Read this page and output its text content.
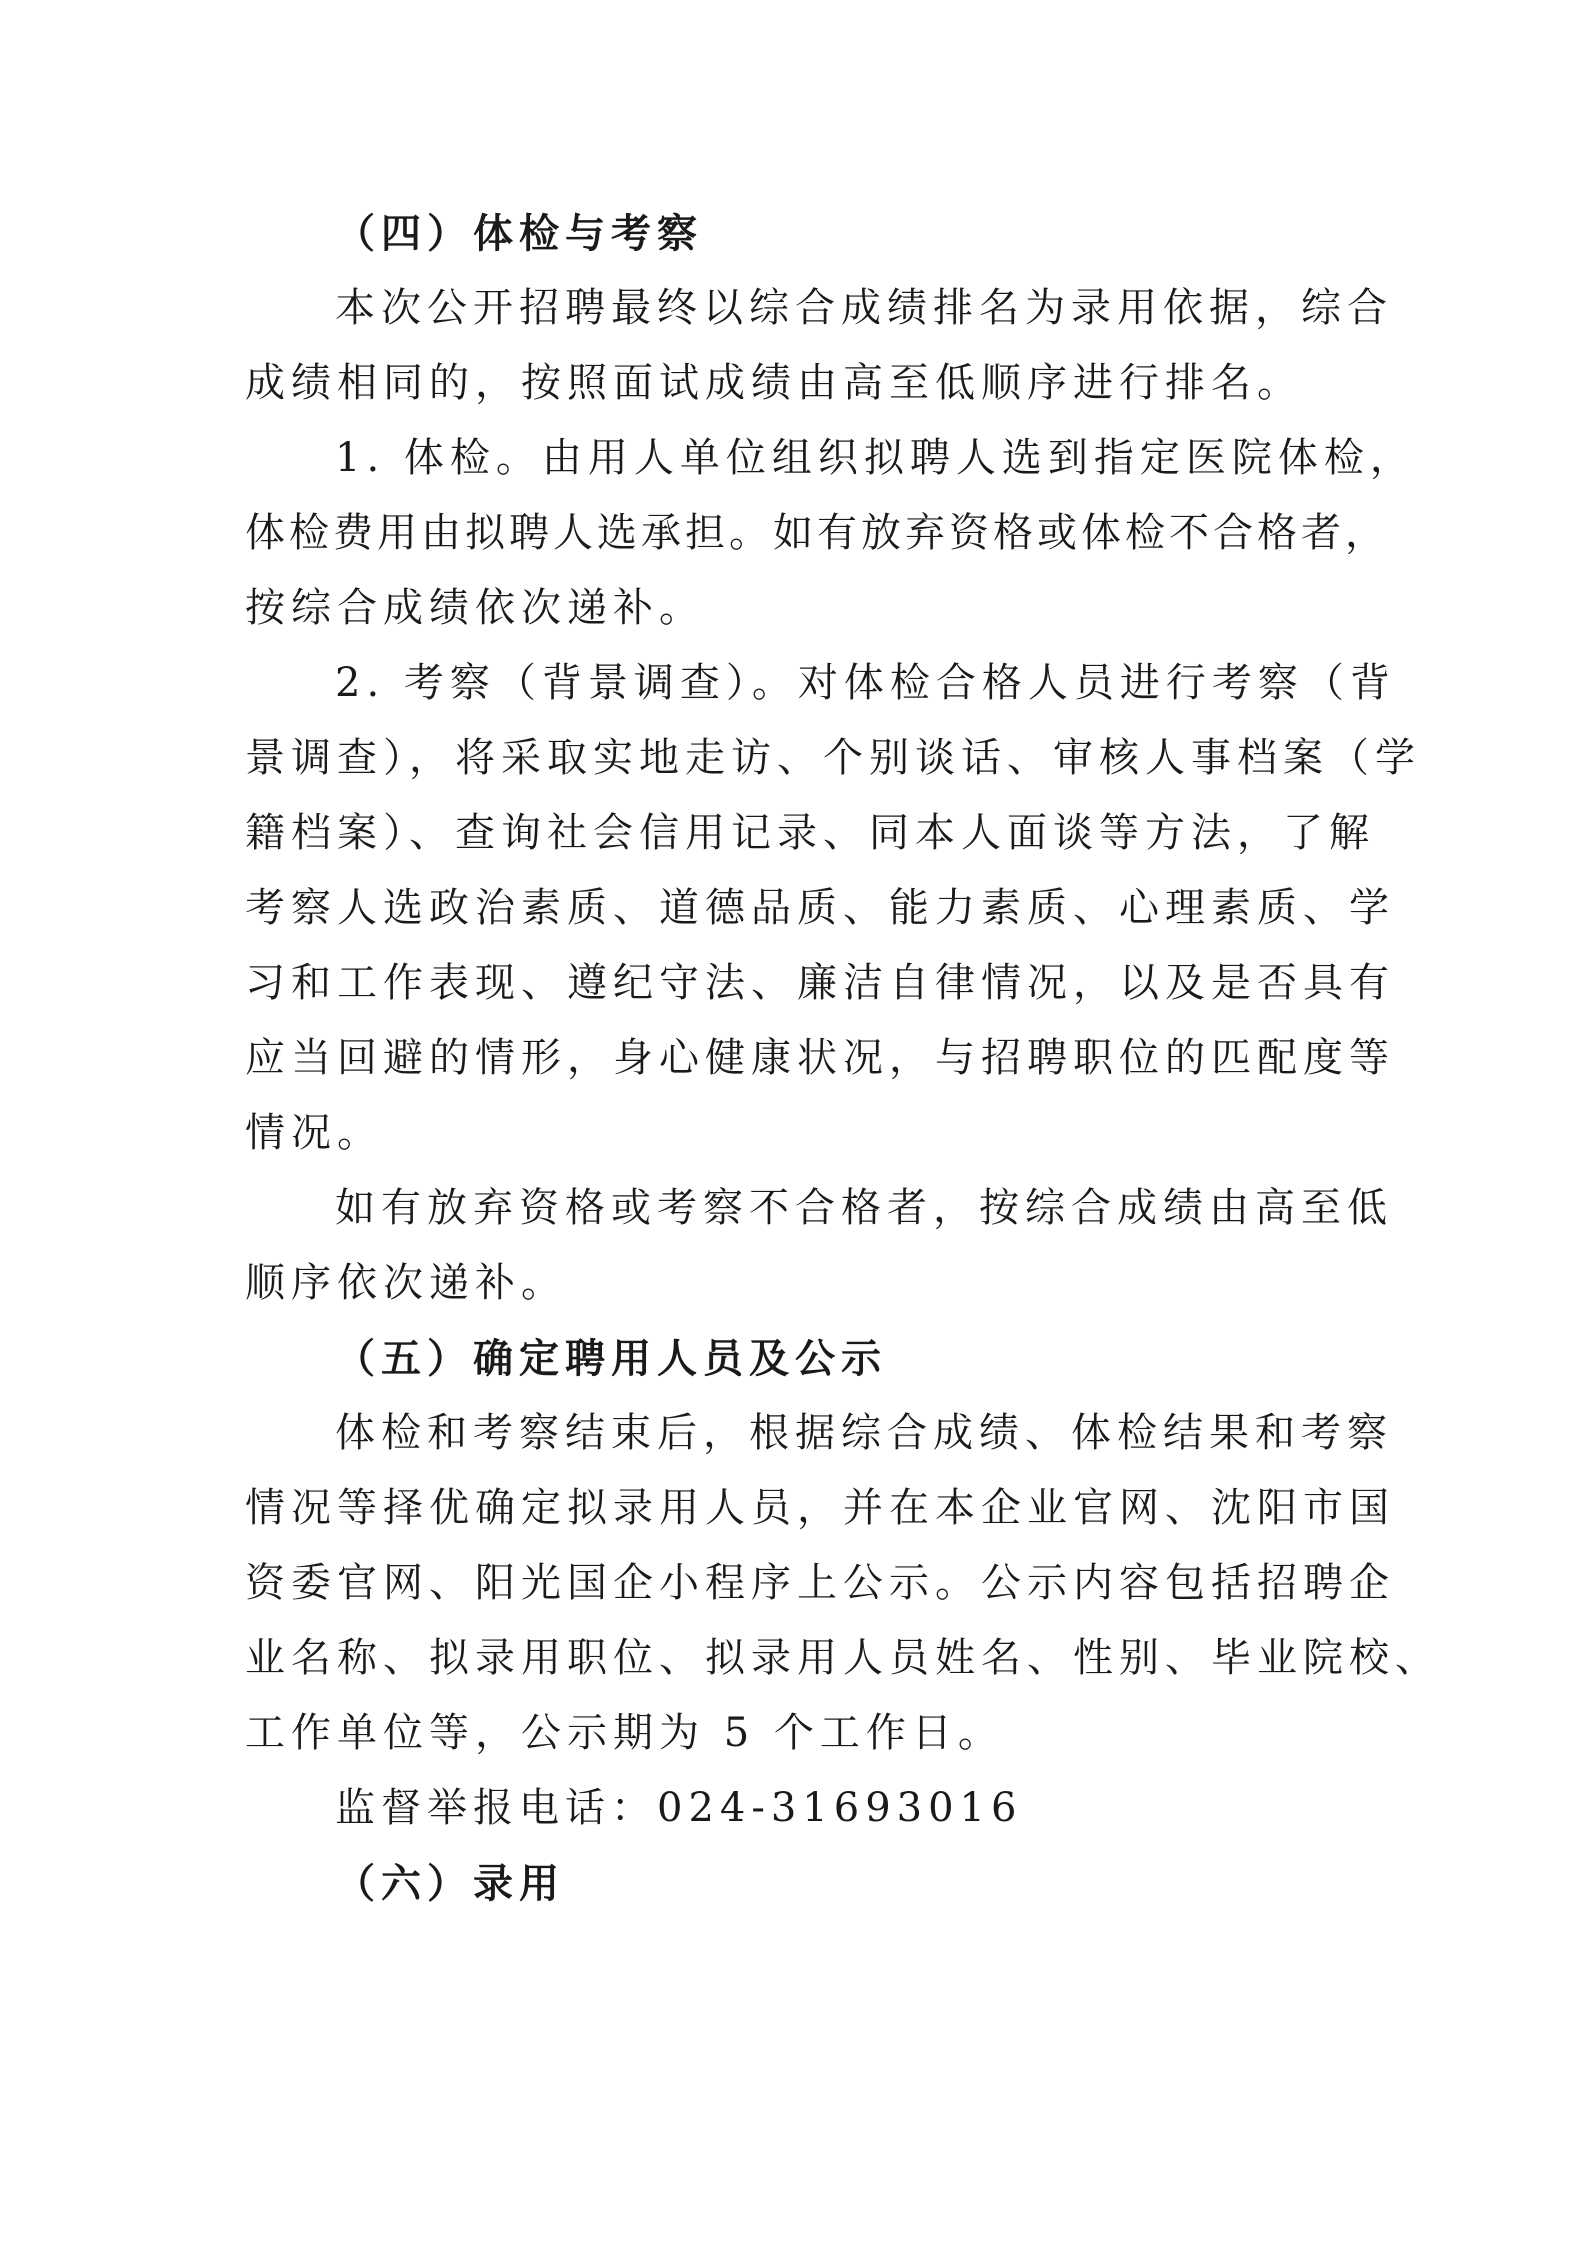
（四）体检与考察
本次公开招聘最终以综合成绩排名为录用依据，综合
成绩相同的，按照面试成绩由高至低顺序进行排名。
1. 体检。由用人单位组织拟聘人选到指定医院体检，
体检费用由拟聘人选承担。如有放弃资格或体检不合格者，
按综合成绩依次递补。
2. 考察（背景调查）。对体检合格人员进行考察（背
景调查），将采取实地走访、个别谈话、审核人事档案（学
籍档案）、查询社会信用记录、同本人面谈等方法，了解
考察人选政治素质、道德品质、能力素质、心理素质、学
习和工作表现、遵纪守法、廉洁自律情况，以及是否具有
应当回避的情形，身心健康状况，与招聘职位的匹配度等
情况。
如有放弃资格或考察不合格者，按综合成绩由高至低
顺序依次递补。
（五）确定聘用人员及公示
体检和考察结束后，根据综合成绩、体检结果和考察
情况等择优确定拟录用人员，并在本企业官网、沈阳市国
资委官网、阳光国企小程序上公示。公示内容包括招聘企
业名称、拟录用职位、拟录用人员姓名、性别、毕业院校、
工作单位等，公示期为 5 个工作日。
监督举报电话：024-31693016
（六）录用
